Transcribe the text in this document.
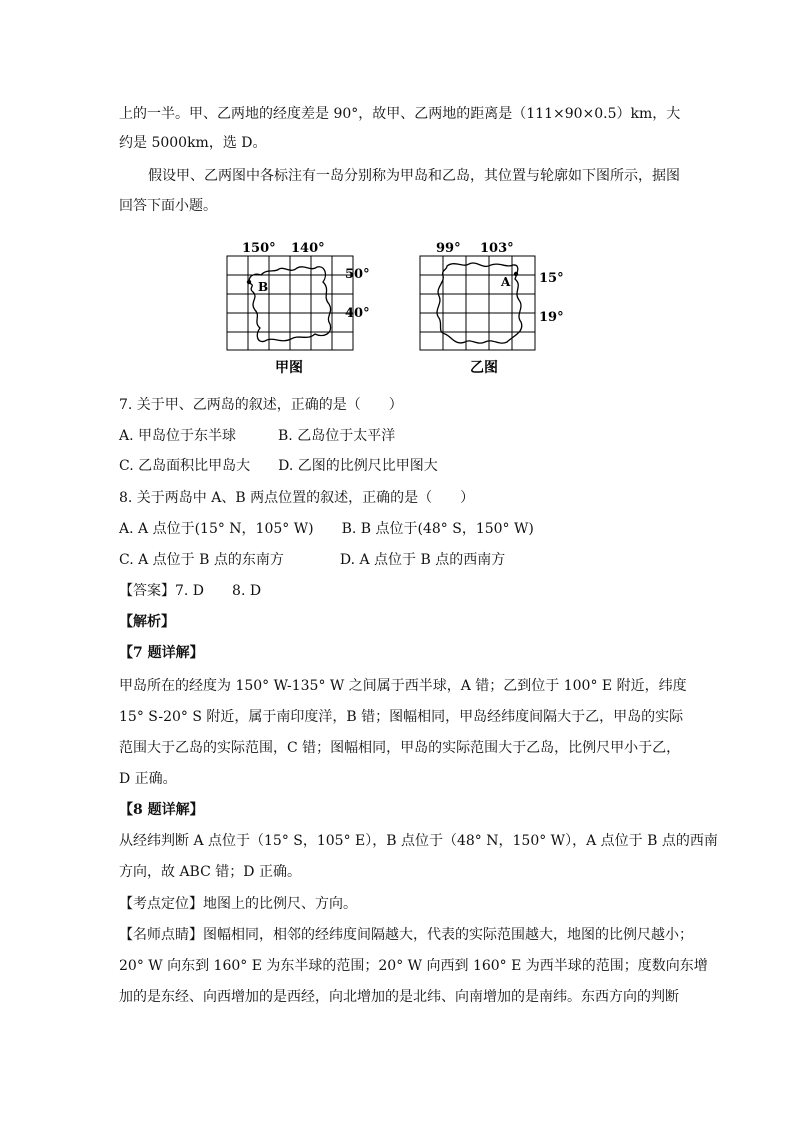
上的一半。甲、乙两地的经度差是 90°，故甲、乙两地的距离是（111×90×0.5）km，大
约是 5000km，选 D。
假设甲、乙两图中各标注有一岛分别称为甲岛和乙岛，其位置与轮廓如下图所示，据图
回答下面小题。
B
150° 140°
50°
40°
甲图
A
99° 103°
15°
19°
乙图
7. 关于甲、乙两岛的叙述，正确的是（　　）
A. 甲岛位于东半球　　　B. 乙岛位于太平洋
C. 乙岛面积比甲岛大　　D. 乙图的比例尺比甲图大
8. 关于两岛中 A、B 两点位置的叙述，正确的是（　　）
A. A 点位于(15° N，105° W)　　B. B 点位于(48° S，150° W)
C. A 点位于 B 点的东南方　　　　D. A 点位于 B 点的西南方
【答案】7. D　　8. D
【解析】
【7 题详解】
甲岛所在的经度为 150° W-135° W 之间属于西半球，A 错；乙到位于 100° E 附近，纬度
15° S-20° S 附近，属于南印度洋，B 错；图幅相同，甲岛经纬度间隔大于乙，甲岛的实际
范围大于乙岛的实际范围，C 错；图幅相同，甲岛的实际范围大于乙岛，比例尺甲小于乙，
D 正确。
【8 题详解】
从经纬判断 A 点位于（15° S，105° E），B 点位于（48° N，150° W），A 点位于 B 点的西南
方向，故 ABC 错；D 正确。
【考点定位】地图上的比例尺、方向。
【名师点睛】图幅相同，相邻的经纬度间隔越大，代表的实际范围越大，地图的比例尺越小；
20° W 向东到 160° E 为东半球的范围；20° W 向西到 160° E 为西半球的范围；度数向东增
加的是东经、向西增加的是西经，向北增加的是北纬、向南增加的是南纬。东西方向的判断
